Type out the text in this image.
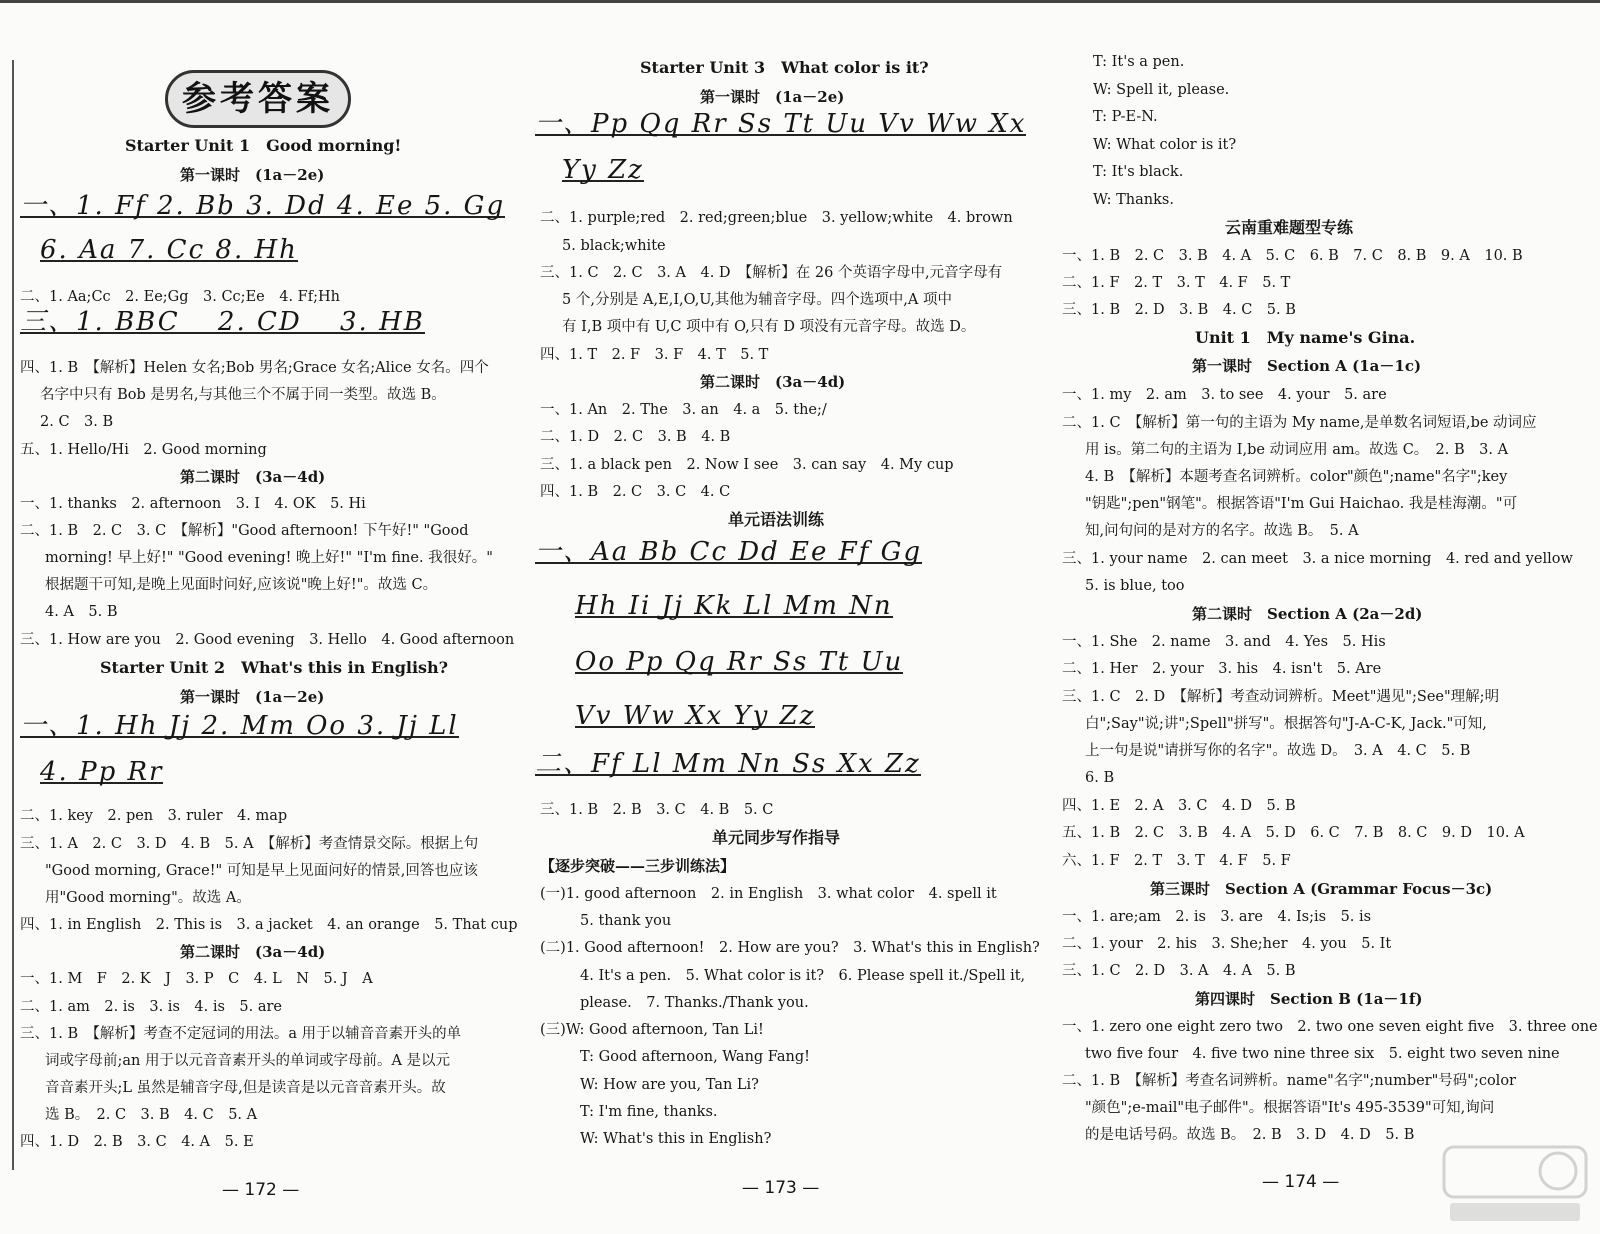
参考答案
Starter Unit 1　Good morning!
第一课时　(1a－2e)
一、1. Ff 2. Bb 3. Dd 4. Ee 5. Gg
6. Aa 7. Cc 8. Hh
二、1. Aa;Cc　2. Ee;Gg　3. Cc;Ee　4. Ff;Hh
三、1. BBC　 2. CD　 3. HB
四、1. B　【解析】Helen 女名;Bob 男名;Grace 女名;Alice 女名。四个
名字中只有 Bob 是男名,与其他三个不属于同一类型。故选 B。
2. C　3. B
五、1. Hello/Hi　2. Good morning
第二课时　(3a－4d)
一、1. thanks　2. afternoon　3. I　4. OK　5. Hi
二、1. B　2. C　3. C　【解析】"Good afternoon! 下午好!" "Good
morning! 早上好!" "Good evening! 晚上好!" "I'm fine. 我很好。"
根据题干可知,是晚上见面时问好,应该说"晚上好!"。故选 C。
4. A　5. B
三、1. How are you　2. Good evening　3. Hello　4. Good afternoon
Starter Unit 2　What's this in English?
第一课时　(1a－2e)
一、1. Hh Jj 2. Mm Oo 3. Jj Ll
4. Pp Rr
二、1. key　2. pen　3. ruler　4. map
三、1. A　2. C　3. D　4. B　5. A　【解析】考查情景交际。根据上句
"Good morning, Grace!" 可知是早上见面问好的情景,回答也应该
用"Good morning"。故选 A。
四、1. in English　2. This is　3. a jacket　4. an orange　5. That cup
第二课时　(3a－4d)
一、1. M　F　2. K　J　3. P　C　4. L　N　5. J　A
二、1. am　2. is　3. is　4. is　5. are
三、1. B　【解析】考查不定冠词的用法。a 用于以辅音音素开头的单
词或字母前;an 用于以元音音素开头的单词或字母前。A 是以元
音音素开头;L 虽然是辅音字母,但是读音是以元音音素开头。故
选 B。　2. C　3. B　4. C　5. A
四、1. D　2. B　3. C　4. A　5. E
Starter Unit 3　What color is it?
第一课时　(1a－2e)
一、Pp Qq Rr Ss Tt Uu Vv Ww Xx
Yy Zz
二、1. purple;red　2. red;green;blue　3. yellow;white　4. brown
5. black;white
三、1. C　2. C　3. A　4. D　【解析】在 26 个英语字母中,元音字母有
5 个,分别是 A,E,I,O,U,其他为辅音字母。四个选项中,A 项中
有 I,B 项中有 U,C 项中有 O,只有 D 项没有元音字母。故选 D。
四、1. T　2. F　3. F　4. T　5. T
第二课时　(3a－4d)
一、1. An　2. The　3. an　4. a　5. the;/
二、1. D　2. C　3. B　4. B
三、1. a black pen　2. Now I see　3. can say　4. My cup
四、1. B　2. C　3. C　4. C
单元语法训练
一、Aa Bb Cc Dd Ee Ff Gg
Hh Ii Jj Kk Ll Mm Nn
Oo Pp Qq Rr Ss Tt Uu
Vv Ww Xx Yy Zz
二、Ff Ll Mm Nn Ss Xx Zz
三、1. B　2. B　3. C　4. B　5. C
单元同步写作指导
【逐步突破——三步训练法】
(一)1. good afternoon　2. in English　3. what color　4. spell it
5. thank you
(二)1. Good afternoon!　2. How are you?　3. What's this in English?
4. It's a pen.　5. What color is it?　6. Please spell it./Spell it,
please.　7. Thanks./Thank you.
(三)W: Good afternoon, Tan Li!
T: Good afternoon, Wang Fang!
W: How are you, Tan Li?
T: I'm fine, thanks.
W: What's this in English?
T: It's a pen.
W: Spell it, please.
T: P-E-N.
W: What color is it?
T: It's black.
W: Thanks.
云南重难题型专练
一、1. B　2. C　3. B　4. A　5. C　6. B　7. C　8. B　9. A　10. B
二、1. F　2. T　3. T　4. F　5. T
三、1. B　2. D　3. B　4. C　5. B
Unit 1　My name's Gina.
第一课时　Section A (1a－1c)
一、1. my　2. am　3. to see　4. your　5. are
二、1. C　【解析】第一句的主语为 My name,是单数名词短语,be 动词应
用 is。第二句的主语为 I,be 动词应用 am。故选 C。　2. B　3. A
4. B　【解析】本题考查名词辨析。color"颜色";name"名字";key
"钥匙";pen"钢笔"。根据答语"I'm Gui Haichao. 我是桂海潮。"可
知,问句问的是对方的名字。故选 B。　5. A
三、1. your name　2. can meet　3. a nice morning　4. red and yellow
5. is blue, too
第二课时　Section A (2a－2d)
一、1. She　2. name　3. and　4. Yes　5. His
二、1. Her　2. your　3. his　4. isn't　5. Are
三、1. C　2. D　【解析】考查动词辨析。Meet"遇见";See"理解;明
白";Say"说;讲";Spell"拼写"。根据答句"J-A-C-K, Jack."可知,
上一句是说"请拼写你的名字"。故选 D。　3. A　4. C　5. B
6. B
四、1. E　2. A　3. C　4. D　5. B
五、1. B　2. C　3. B　4. A　5. D　6. C　7. B　8. C　9. D　10. A
六、1. F　2. T　3. T　4. F　5. F
第三课时　Section A (Grammar Focus－3c)
一、1. are;am　2. is　3. are　4. Is;is　5. is
二、1. your　2. his　3. She;her　4. you　5. It
三、1. C　2. D　3. A　4. A　5. B
第四课时　Section B (1a－1f)
一、1. zero one eight zero two　2. two one seven eight five　3. three one
two five four　4. five two nine three six　5. eight two seven nine
二、1. B　【解析】考查名词辨析。name"名字";number"号码";color
"颜色";e-mail"电子邮件"。根据答语"It's 495-3539"可知,询问
的是电话号码。故选 B。　2. B　3. D　4. D　5. B
— 172 —	— 173 —	— 174 —
